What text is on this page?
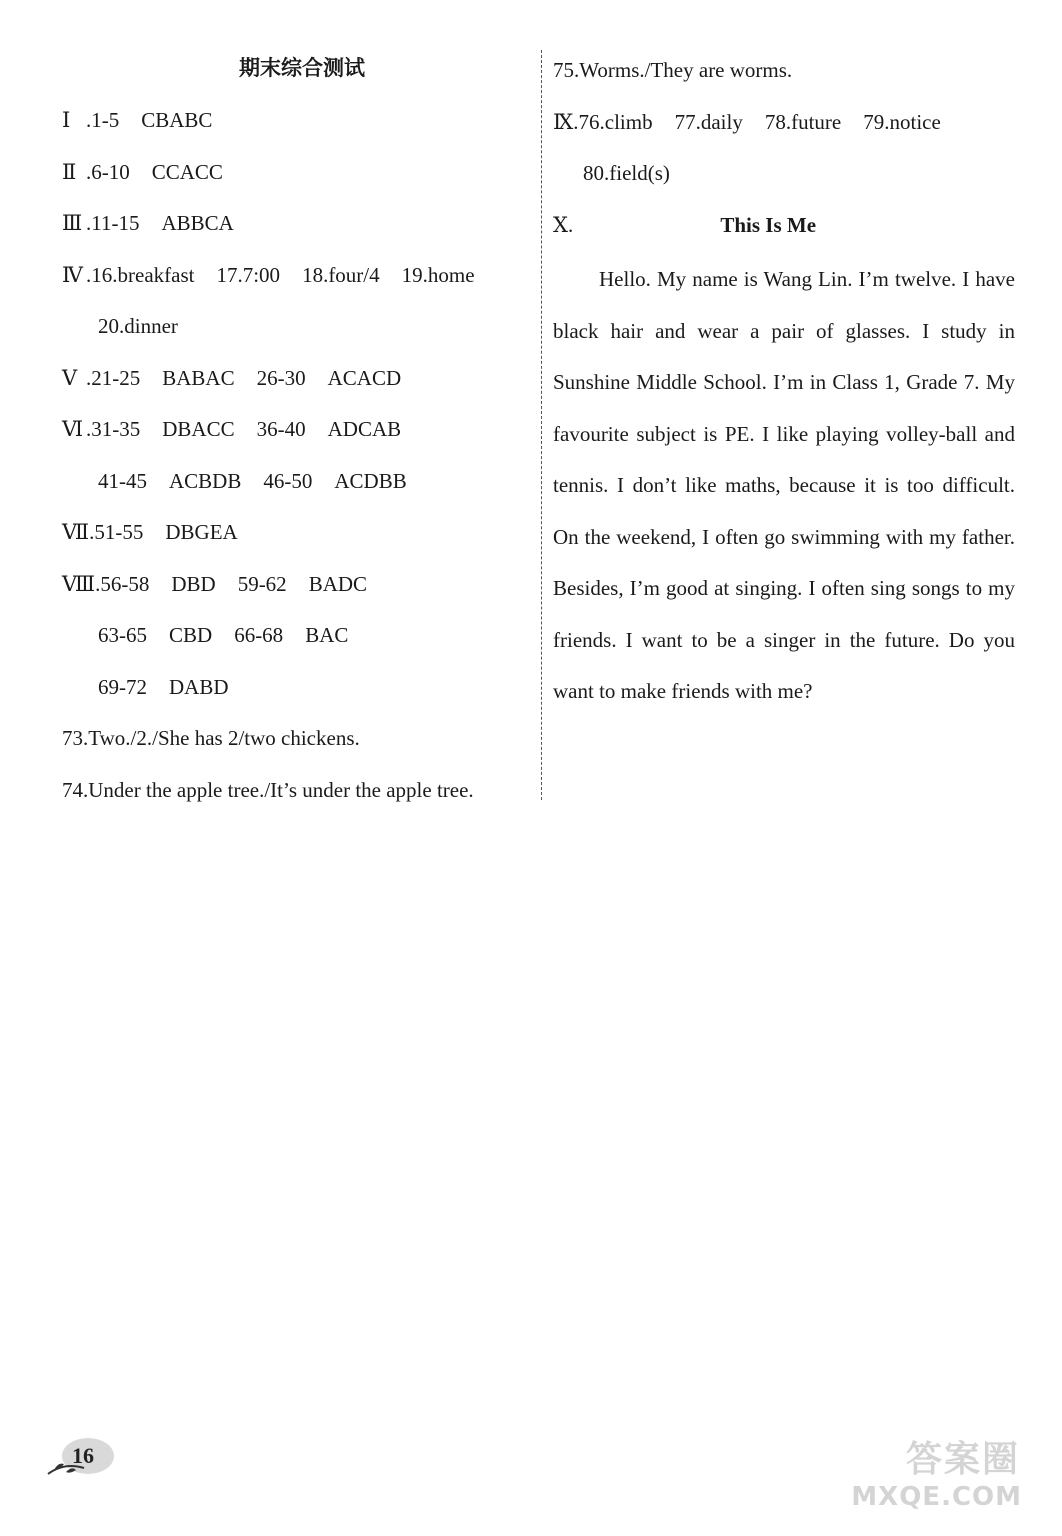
期末综合测试
Ⅰ .1-5 CBABC
Ⅱ .6-10 CCACC
Ⅲ .11-15 ABBCA
Ⅳ .16.breakfast 17.7:00 18.four/4 19.home
20.dinner
Ⅴ .21-25 BABAC 26-30 ACACD
Ⅵ .31-35 DBACC 36-40 ADCAB
41-45 ACBDB 46-50 ACDBB
Ⅶ.51-55 DBGEA
Ⅷ.56-58 DBD 59-62 BADC
63-65 CBD 66-68 BAC
69-72 DABD
73.Two./2./She has 2/two chickens.
74.Under the apple tree./It’s under the apple tree.
75.Worms./They are worms.
Ⅸ.76.climb 77.daily 78.future 79.notice
80.field(s)
Ⅹ.	This Is Me

Hello. My name is Wang Lin. I’m twelve. I have black hair and wear a pair of glasses. I study in Sunshine Middle School. I’m in Class 1, Grade 7. My favourite subject is PE. I like playing volley-ball and tennis. I don’t like maths, because it is too difficult. On the weekend, I often go swimming with my father. Besides, I’m good at singing. I often sing songs to my friends. I want to be a singer in the future. Do you want to make friends with me?

16	答案圈
MXQE.COM
